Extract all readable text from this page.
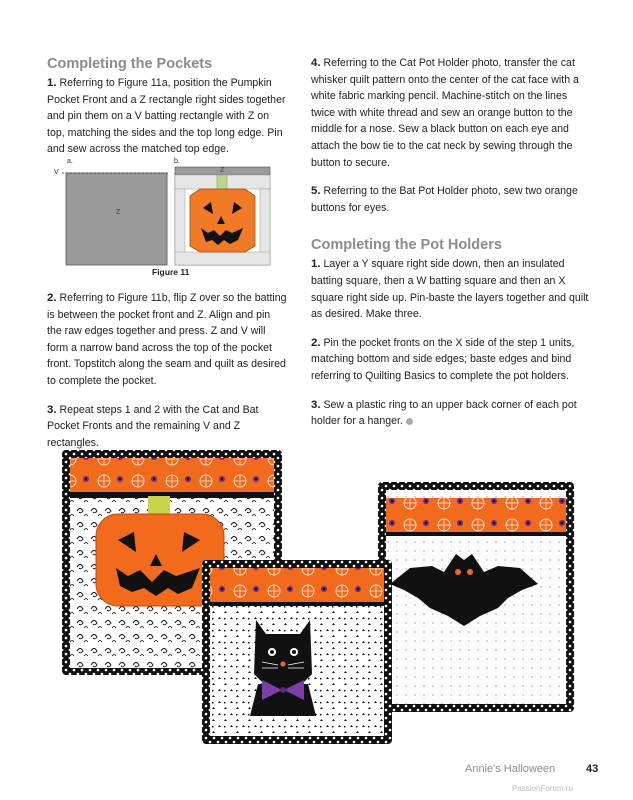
Completing the Pockets

1. Referring to Figure 11a, position the Pumpkin Pocket Front and a Z rectangle right sides together and pin them on a V batting rectangle with Z on top, matching the sides and the top long edge. Pin and sew across the matched top edge.

a.	b.
V
Z
Z
Figure 11

2. Referring to Figure 11b, flip Z over so the batting is between the pocket front and Z. Align and pin the raw edges together and press. Z and V will form a narrow band across the top of the pocket front. Topstitch along the seam and quilt as desired to complete the pocket.

3. Repeat steps 1 and 2 with the Cat and Bat Pocket Fronts and the remaining V and Z rectangles.

4. Referring to the Cat Pot Holder photo, transfer the cat whisker quilt pattern onto the center of the cat face with a white fabric marking pencil. Machine-stitch on the lines twice with white thread and sew an orange button to the middle for a nose. Sew a black button on each eye and attach the bow tie to the cat neck by sewing through the button to secure.

5. Referring to the Bat Pot Holder photo, sew two orange buttons for eyes.

Completing the Pot Holders

1. Layer a Y square right side down, then an insulated batting square, then a W batting square and then an X square right side up. Pin-baste the layers together and quilt as desired. Make three.

2. Pin the pocket fronts on the X side of the step 1 units, matching bottom and side edges; baste edges and bind referring to Quilting Basics to complete the pot holders.

3. Sew a plastic ring to an upper back corner of each pot holder for a hanger.

Annie's Halloween	43
PassionForum.ru
